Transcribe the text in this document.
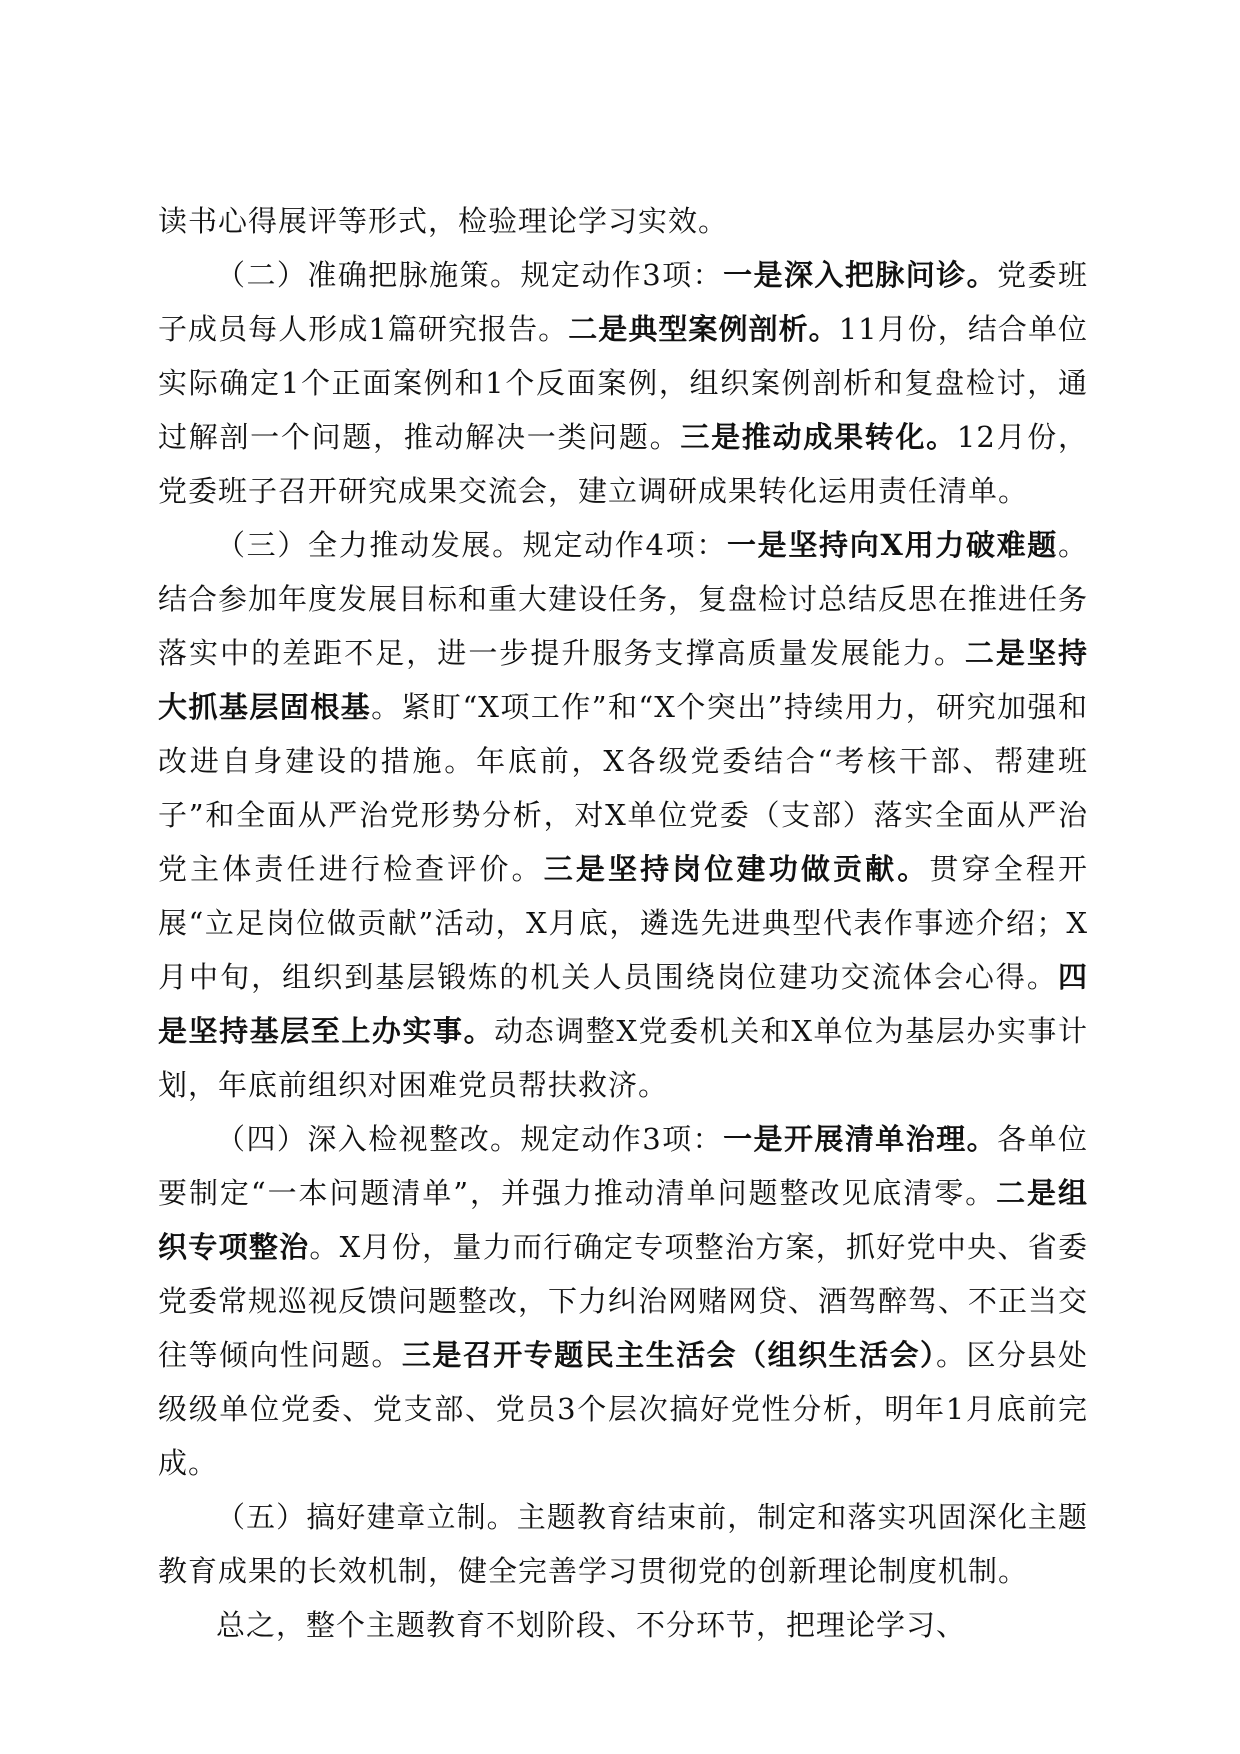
读书心得展评等形式，检验理论学习实效。

（二）准确把脉施策。规定动作3项：一是深入把脉问诊。党委班子成员每人形成1篇研究报告。二是典型案例剖析。11月份，结合单位实际确定1个正面案例和1个反面案例，组织案例剖析和复盘检讨，通过解剖一个问题，推动解决一类问题。三是推动成果转化。12月份，党委班子召开研究成果交流会，建立调研成果转化运用责任清单。

（三）全力推动发展。规定动作4项：一是坚持向X用力破难题。结合参加年度发展目标和重大建设任务，复盘检讨总结反思在推进任务落实中的差距不足，进一步提升服务支撑高质量发展能力。二是坚持大抓基层固根基。紧盯“X项工作”和“X个突出”持续用力，研究加强和改进自身建设的措施。年底前，X各级党委结合“考核干部、帮建班子”和全面从严治党形势分析，对X单位党委（支部）落实全面从严治党主体责任进行检查评价。三是坚持岗位建功做贡献。贯穿全程开展“立足岗位做贡献”活动，X月底，遴选先进典型代表作事迹介绍；X月中旬，组织到基层锻炼的机关人员围绕岗位建功交流体会心得。四是坚持基层至上办实事。动态调整X党委机关和X单位为基层办实事计划，年底前组织对困难党员帮扶救济。

（四）深入检视整改。规定动作3项：一是开展清单治理。各单位要制定“一本问题清单”，并强力推动清单问题整改见底清零。二是组织专项整治。X月份，量力而行确定专项整治方案，抓好党中央、省委党委常规巡视反馈问题整改，下力纠治网赌网贷、酒驾醉驾、不正当交往等倾向性问题。三是召开专题民主生活会（组织生活会）。区分县处级级单位党委、党支部、党员3个层次搞好党性分析，明年1月底前完成。

（五）搞好建章立制。主题教育结束前，制定和落实巩固深化主题教育成果的长效机制，健全完善学习贯彻党的创新理论制度机制。

总之，整个主题教育不划阶段、不分环节，把理论学习、
